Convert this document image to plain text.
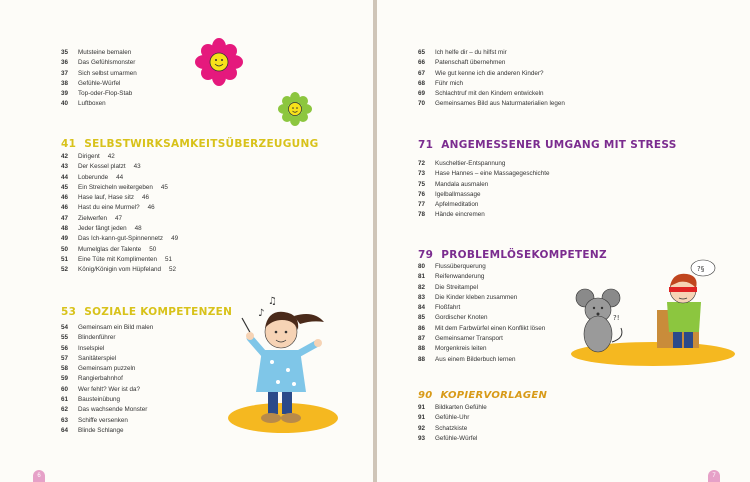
35 Mutsteine bemalen
36 Das Gefühlsmonster
37 Sich selbst umarmen
38 Gefühle-Würfel
39 Top-oder-Flop-Stab
40 Luftboxen
41 SELBSTWIRKSAMKEITSÜBERZEUGUNG
42 Dirigent 42
43 Der Kessel platzt 43
44 Loberunde 44
45 Ein Streicheln weitergeben 45
46 Hase lauf, Hase sitz 46
46 Hast du eine Murmel? 46
47 Zielwerfen 47
48 Jeder fängt jeden 48
49 Das Ich-kann-gut-Spinnennetz 49
50 Mumelglas der Talente 50
51 Eine Tüte mit Komplimenten 51
52 König/Königin vom Hüpfeland 52
53 SOZIALE KOMPETENZEN
54 Gemeinsam ein Bild malen
55 Blindenführer
56 Inselspiel
57 Sanitäterspiel
58 Gemeinsam puzzeln
59 Rangierbahnhof
60 Wer fehlt? Wer ist da?
61 Bausteinübung
62 Das wachsende Monster
63 Schiffe versenken
64 Blinde Schlange
♪
♫
6
65 Ich helfe dir – du hilfst mir
66 Patenschaft übernehmen
67 Wie gut kenne ich die anderen Kinder?
68 Führ mich
69 Schlachtruf mit den Kindern entwickeln
70 Gemeinsames Bild aus Naturmaterialien legen
71 ANGEMESSENER UMGANG MIT STRESS
72 Kuscheltier-Entspannung
73 Hase Hannes – eine Massagegeschichte
75 Mandala ausmalen
76 Igelballmassage
77 Apfelmeditation
78 Hände eincremen
79 PROBLEMLÖSEKOMPETENZ
80 Flussüberquerung
81 Reifenwanderung
82 Die Streitampel
83 Die Kinder kleben zusammen
84 Floßfahrt
85 Gordischer Knoten
86 Mit dem Farbwürfel einen Konflikt lösen
87 Gemeinsamer Transport
88 Morgenkreis leiten
88 Aus einem Bilderbuch lernen
90 KOPIERVORLAGEN
91 Bildkarten Gefühle
91 Gefühle-Uhr
92 Schatzkiste
93 Gefühle-Würfel
?!
?§
7
